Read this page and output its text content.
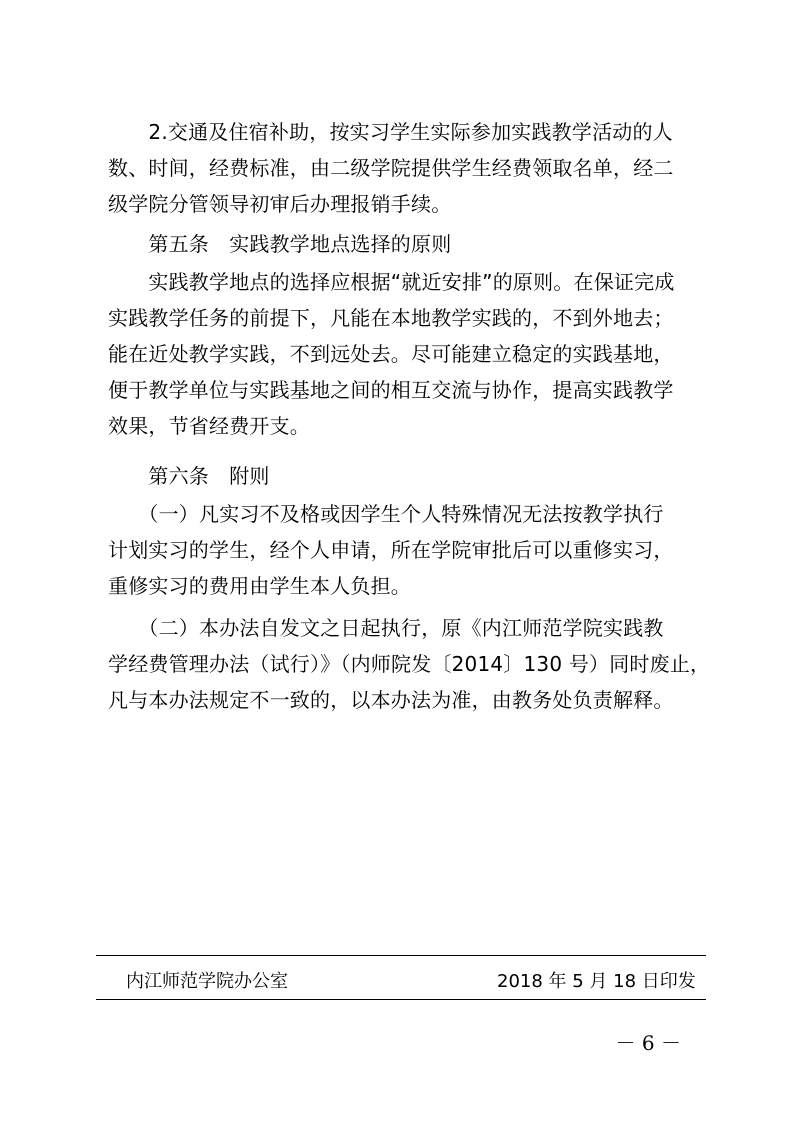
　　2.交通及住宿补助，按实习学生实际参加实践教学活动的人
数、时间，经费标准，由二级学院提供学生经费领取名单，经二
级学院分管领导初审后办理报销手续。
　　第五条　实践教学地点选择的原则
　　实践教学地点的选择应根据“就近安排”的原则。在保证完成
实践教学任务的前提下，凡能在本地教学实践的，不到外地去；
能在近处教学实践，不到远处去。尽可能建立稳定的实践基地，
便于教学单位与实践基地之间的相互交流与协作，提高实践教学
效果，节省经费开支。
　　第六条　附则
　　（一）凡实习不及格或因学生个人特殊情况无法按教学执行
计划实习的学生，经个人申请，所在学院审批后可以重修实习，
重修实习的费用由学生本人负担。
　　（二）本办法自发文之日起执行，原《内江师范学院实践教
学经费管理办法（试行）》（内师院发〔2014〕130 号）同时废止，
凡与本办法规定不一致的，以本办法为准，由教务处负责解释。
内江师范学院办公室	2018 年 5 月 18 日印发
－ 6 －
